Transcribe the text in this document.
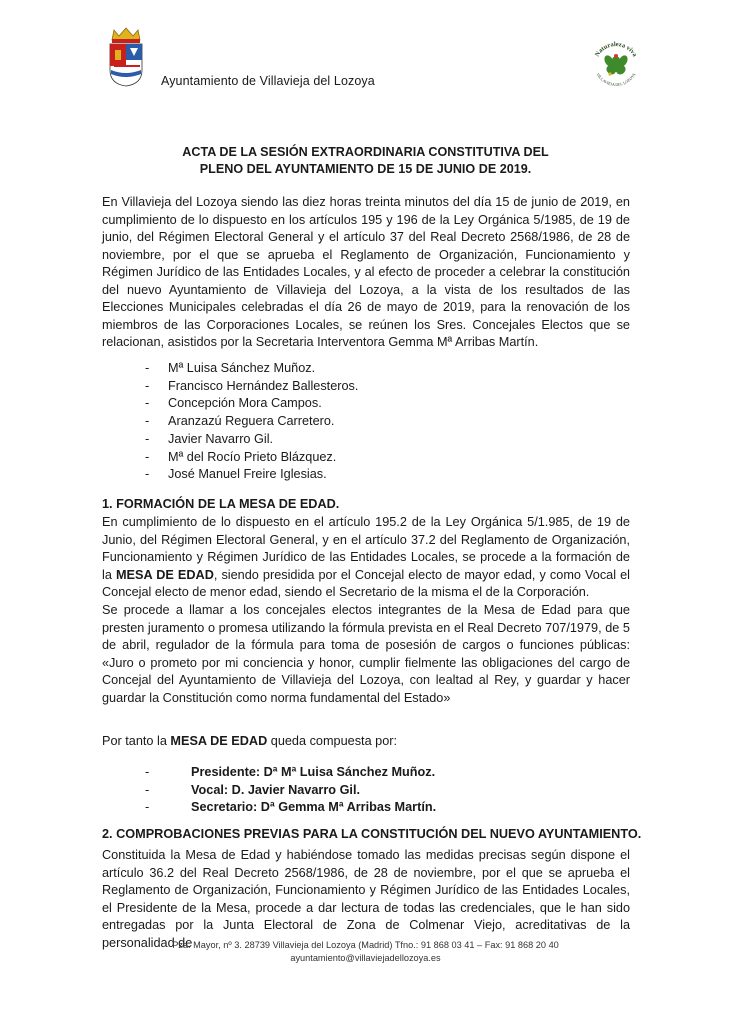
Ayuntamiento de Villavieja del Lozoya
Naturaleza viva
VILLAVIEJA DEL LOZOYA
ACTA DE LA SESIÓN EXTRAORDINARIA CONSTITUTIVA DEL
PLENO DEL AYUNTAMIENTO DE 15 DE JUNIO DE 2019.

En Villavieja del Lozoya siendo las diez horas treinta minutos del día 15 de junio de 2019, en cumplimiento de lo dispuesto en los artículos 195 y 196 de la Ley Orgánica 5/1985, de 19 de junio, del Régimen Electoral General y el artículo 37 del Real Decreto 2568/1986, de 28 de noviembre, por el que se aprueba el Reglamento de Organización, Funcionamiento y Régimen Jurídico de las Entidades Locales, y al efecto de proceder a celebrar la constitución del nuevo Ayuntamiento de Villavieja del Lozoya, a la vista de los resultados de las Elecciones Municipales celebradas el día 26 de mayo de 2019, para la renovación de los miembros de las Corporaciones Locales, se reúnen los Sres. Concejales Electos que se relacionan, asistidos por la Secretaria Interventora Gemma Mª Arribas Martín.

- Mª Luisa Sánchez Muñoz.
- Francisco Hernández Ballesteros.
- Concepción Mora Campos.
- Aranzazú Reguera Carretero.
- Javier Navarro Gil.
- Mª del Rocío Prieto Blázquez.
- José Manuel Freire Iglesias.
1. FORMACIÓN DE LA MESA DE EDAD.

En cumplimiento de lo dispuesto en el artículo 195.2 de la Ley Orgánica 5/1.985, de 19 de Junio, del Régimen Electoral General, y en el artículo 37.2 del Reglamento de Organización, Funcionamiento y Régimen Jurídico de las Entidades Locales, se procede a la formación de la MESA DE EDAD, siendo presidida por el Concejal electo de mayor edad, y como Vocal el Concejal electo de menor edad, siendo el Secretario de la misma el de la Corporación.

Se procede a llamar a los concejales electos integrantes de la Mesa de Edad para que presten juramento o promesa utilizando la fórmula prevista en el Real Decreto 707/1979, de 5 de abril, regulador de la fórmula para toma de posesión de cargos o funciones públicas: «Juro o prometo por mi conciencia y honor, cumplir fielmente las obligaciones del cargo de Concejal del Ayuntamiento de Villavieja del Lozoya, con lealtad al Rey, y guardar y hacer guardar la Constitución como norma fundamental del Estado»

Por tanto la MESA DE EDAD queda compuesta por:

-	Presidente: Dª Mª Luisa Sánchez Muñoz.
-	Vocal: D. Javier Navarro Gil.
-	Secretario: Dª Gemma Mª Arribas Martín.
2. COMPROBACIONES PREVIAS PARA LA CONSTITUCIÓN DEL NUEVO AYUNTAMIENTO.

Constituida la Mesa de Edad y habiéndose tomado las medidas precisas según dispone el artículo 36.2 del Real Decreto 2568/1986, de 28 de noviembre, por el que se aprueba el Reglamento de Organización, Funcionamiento y Régimen Jurídico de las Entidades Locales, el Presidente de la Mesa, procede a dar lectura de todas las credenciales, que le han sido entregadas por la Junta Electoral de Zona de Colmenar Viejo, acreditativas de la personalidad de

Pza. Mayor, nº 3. 28739 Villavieja del Lozoya (Madrid) Tfno.: 91 868 03 41 – Fax: 91 868 20 40
ayuntamiento@villaviejadellozoya.es
